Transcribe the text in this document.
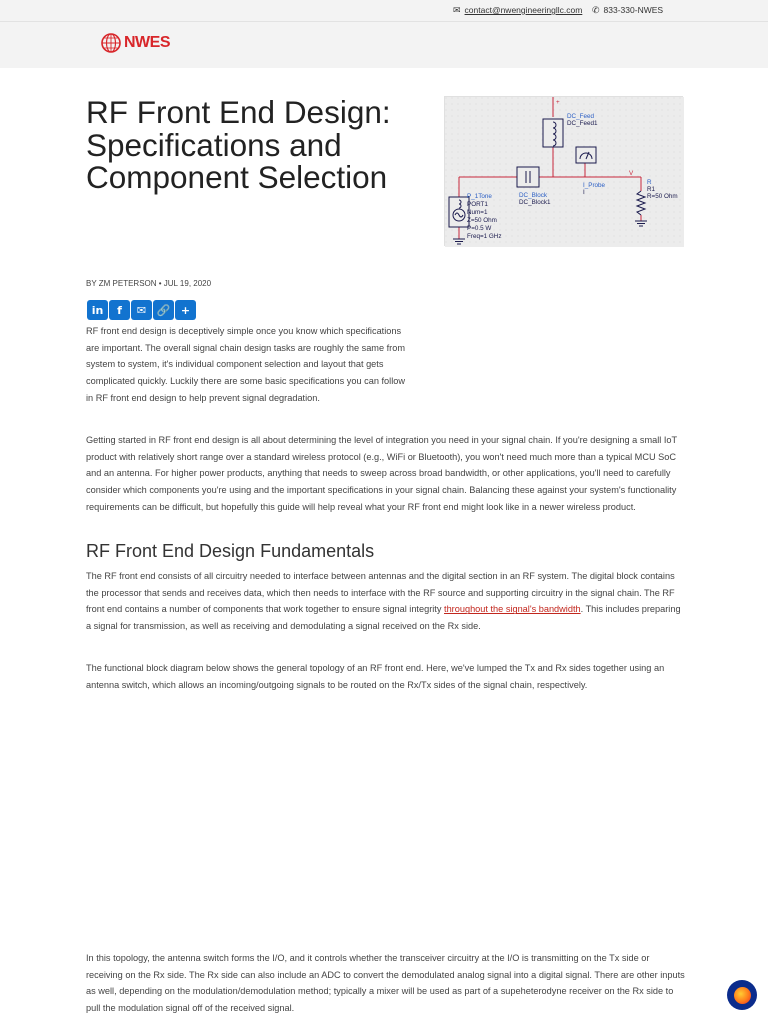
✉ contact@nwengineeringllc.com ✆ 833-330-NWES
NWES
RF Front End Design: Specifications and Component Selection
BY ZM PETERSON • JUL 19, 2020
in	f	✉ 🔗 +
+
DC_Feed
DC_Feed1
I_Probe
I
V
R
R1
R=50 Ohm
DC_Block
DC_Block1
P_1Tone
PORT1
Num=1
Z=50 Ohm
P=0.5 W
Freq=1 GHz

RF front end design is deceptively simple once you know which specifications are important. The overall signal chain design tasks are roughly the same from system to system, it's individual component selection and layout that gets complicated quickly. Luckily there are some basic specifications you can follow in RF front end design to help prevent signal degradation.

Getting started in RF front end design is all about determining the level of integration you need in your signal chain. If you're designing a small IoT product with relatively short range over a standard wireless protocol (e.g., WiFi or Bluetooth), you won't need much more than a typical MCU SoC and an antenna. For higher power products, anything that needs to sweep across broad bandwidth, or other applications, you'll need to carefully consider which components you're using and the important specifications in your signal chain. Balancing these against your system's functionality requirements can be difficult, but hopefully this guide will help reveal what your RF front end might look like in a newer wireless product.

RF Front End Design Fundamentals

The RF front end consists of all circuitry needed to interface between antennas and the digital section in an RF system. The digital block contains the processor that sends and receives data, which then needs to interface with the RF source and supporting circuitry in the signal chain. The RF front end contains a number of components that work together to ensure signal integrity throughout the signal's bandwidth. This includes preparing a signal for transmission, as well as receiving and demodulating a signal received on the Rx side.

The functional block diagram below shows the general topology of an RF front end. Here, we've lumped the Tx and Rx sides together using an antenna switch, which allows an incoming/outgoing signals to be routed on the Rx/Tx sides of the signal chain, respectively.

In this topology, the antenna switch forms the I/O, and it controls whether the transceiver circuitry at the I/O is transmitting on the Tx side or receiving on the Rx side. The Rx side can also include an ADC to convert the demodulated analog signal into a digital signal. There are other inputs as well, depending on the modulation/demodulation method; typically a mixer will be used as part of a supeheterodyne receiver on the Rx side to pull the modulation signal off of the received signal.
